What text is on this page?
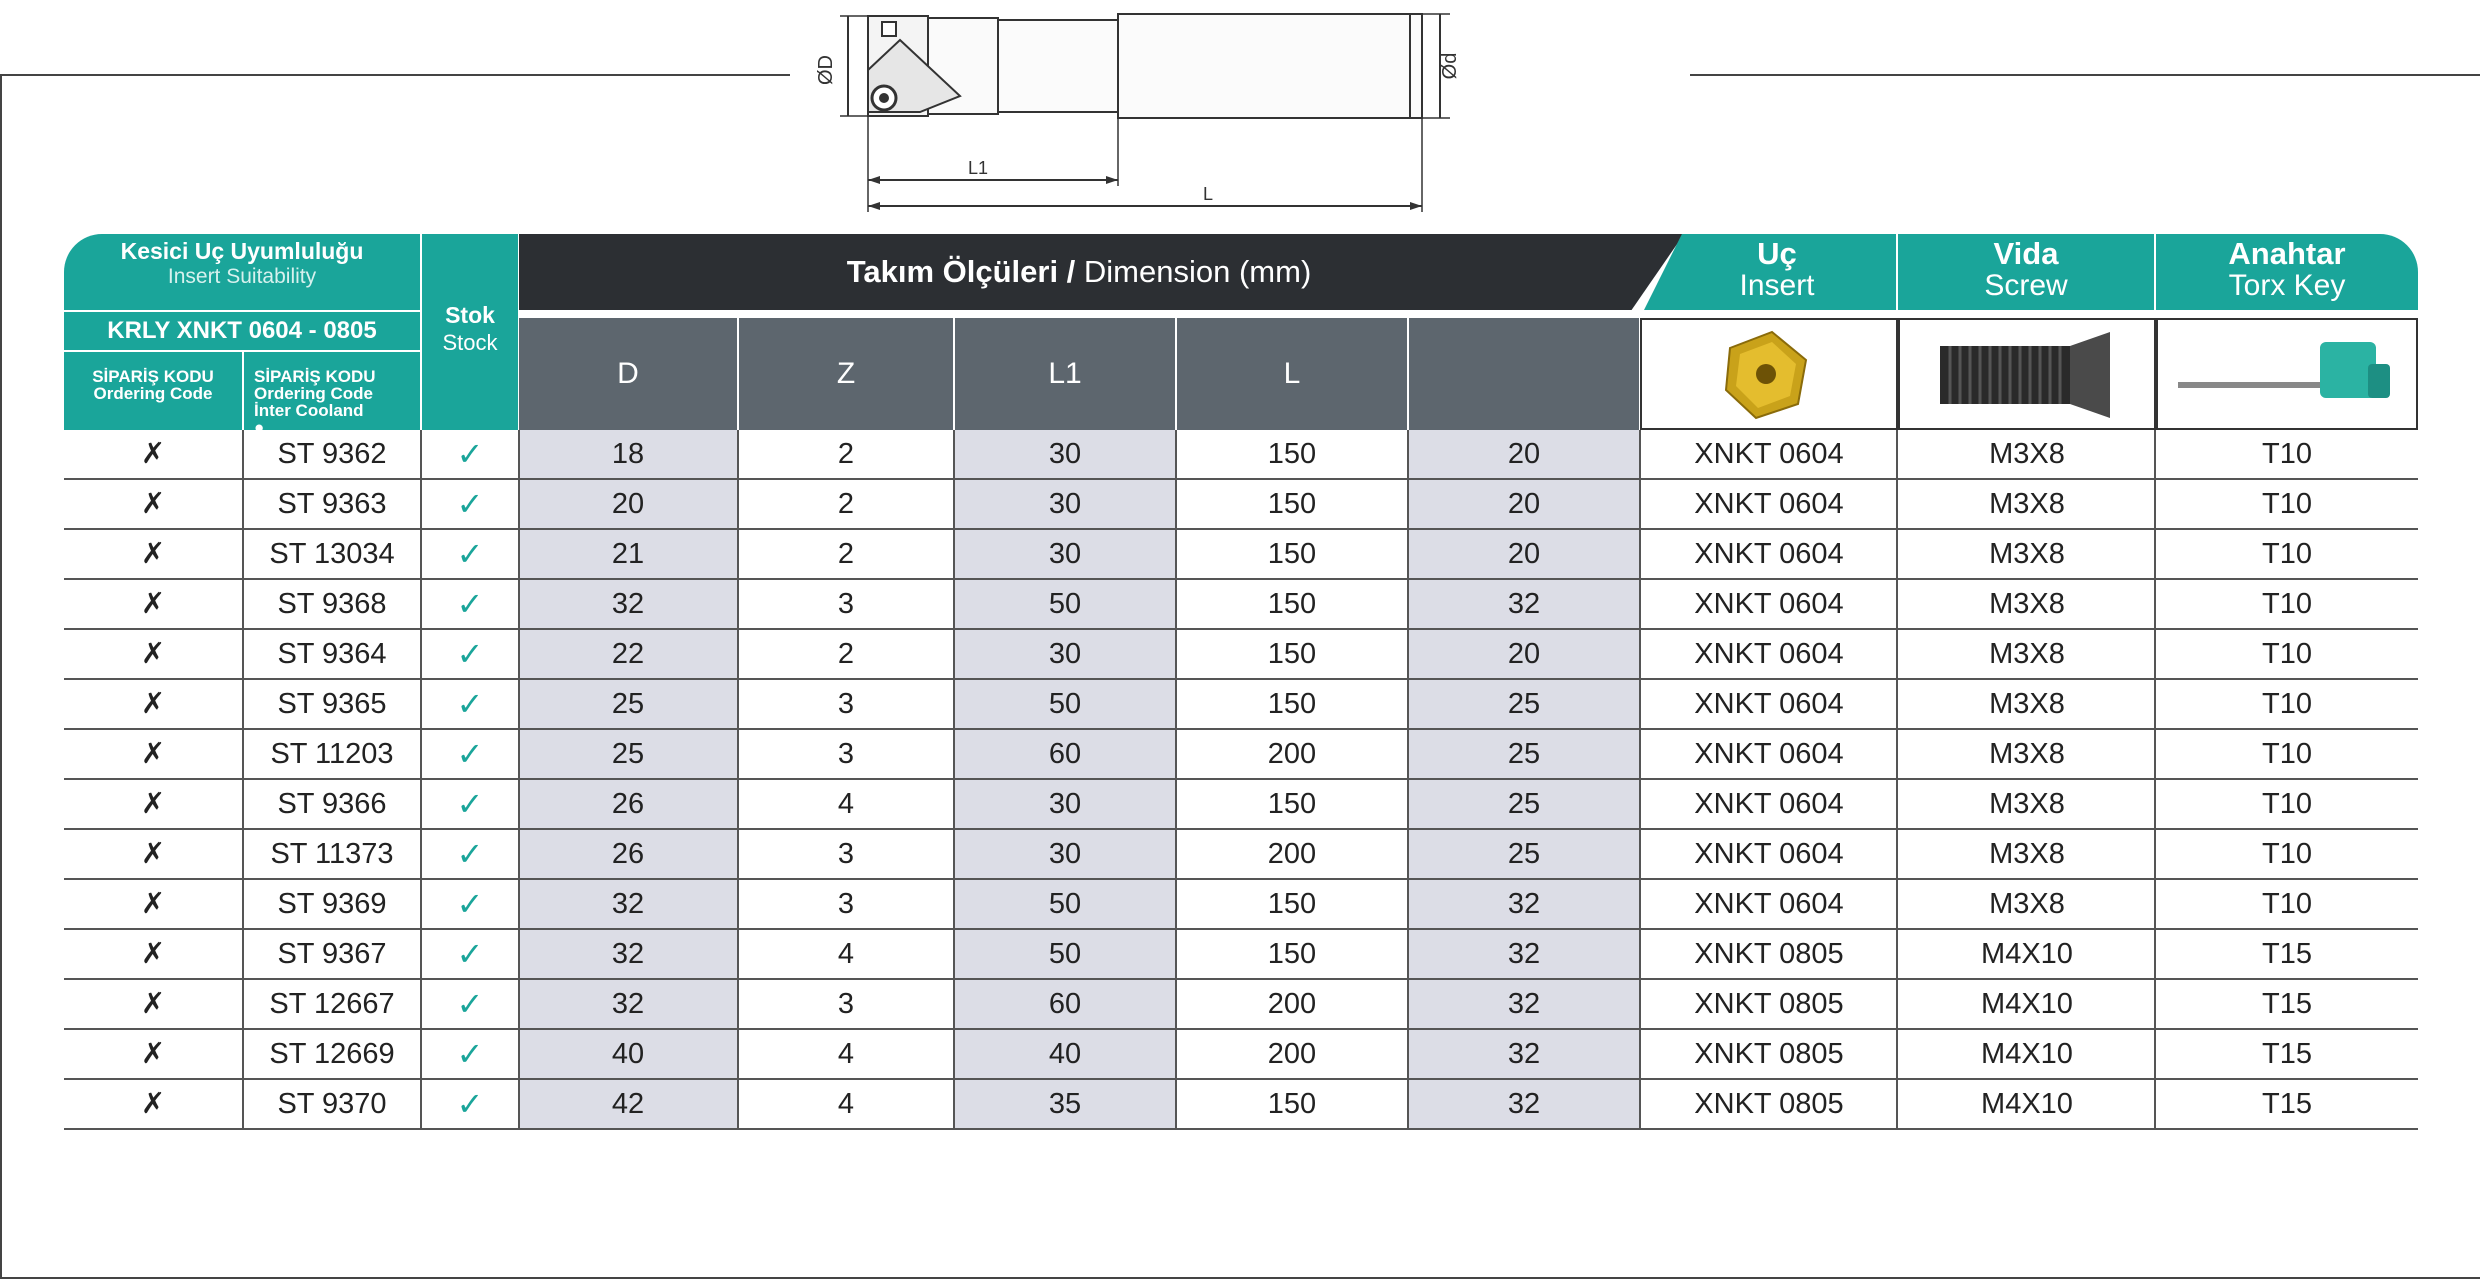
ØD	Ød
L1
L
Kesici Uç Uyumluluğu
Insert Suitability
Stok
Stock
Takım Ölçüleri / Dimension (mm)
Uç
Insert
Vida
Screw
Anahtar
Torx Key
KRLY XNKT 0604 - 0805
SİPARİŞ KODU
Ordering Code
SİPARİŞ KODU
Ordering Code
İnter Cooland
●
D	Z	L1	L
✗	ST 9362	✓	18	2	30	150	20	XNKT 0604	M3X8	T10
✗	ST 9363	✓	20	2	30	150	20	XNKT 0604	M3X8	T10
✗	ST 13034	✓	21	2	30	150	20	XNKT 0604	M3X8	T10
✗	ST 9368	✓	32	3	50	150	32	XNKT 0604	M3X8	T10
✗	ST 9364	✓	22	2	30	150	20	XNKT 0604	M3X8	T10
✗	ST 9365	✓	25	3	50	150	25	XNKT 0604	M3X8	T10
✗	ST 11203	✓	25	3	60	200	25	XNKT 0604	M3X8	T10
✗	ST 9366	✓	26	4	30	150	25	XNKT 0604	M3X8	T10
✗	ST 11373	✓	26	3	30	200	25	XNKT 0604	M3X8	T10
✗	ST 9369	✓	32	3	50	150	32	XNKT 0604	M3X8	T10
✗	ST 9367	✓	32	4	50	150	32	XNKT 0805	M4X10	T15
✗	ST 12667	✓	32	3	60	200	32	XNKT 0805	M4X10	T15
✗	ST 12669	✓	40	4	40	200	32	XNKT 0805	M4X10	T15
✗	ST 9370	✓	42	4	35	150	32	XNKT 0805	M4X10	T15
